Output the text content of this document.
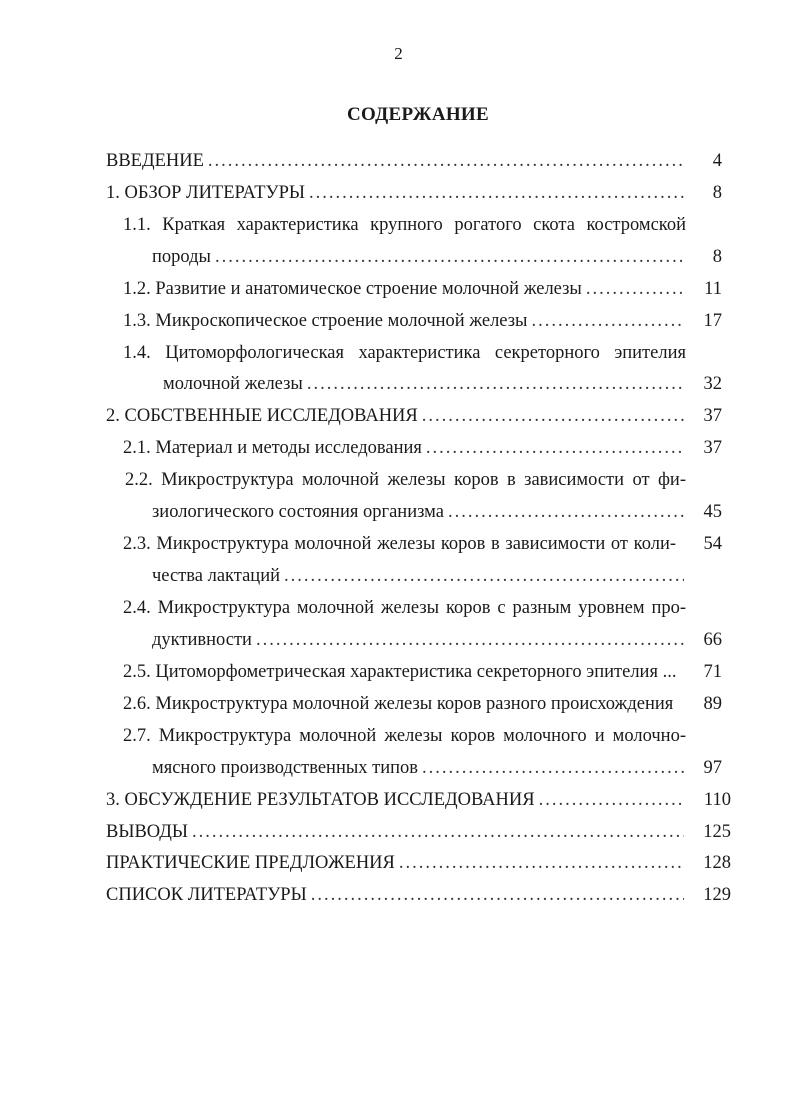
2
СОДЕРЖАНИЕ
ВВЕДЕНИЕ .....	4
1. ОБЗОР ЛИТЕРАТУРЫ .....	8
1.1. Краткая характеристика крупного рогатого скота костромской
породы .....	8
1.2. Развитие и анатомическое строение молочной железы .....	11
1.3. Микроскопическое строение молочной железы .....	17
1.4. Цитоморфологическая характеристика секреторного эпителия
молочной железы .....	32
2. СОБСТВЕННЫЕ ИССЛЕДОВАНИЯ .....	37
2.1. Материал и методы исследования .....	37
2.2. Микроструктура молочной железы коров в зависимости от фи-
зиологического состояния организма .....	45
2.3. Микроструктура молочной железы коров в зависимости от коли-	54
чества лактаций
.....
2.4. Микроструктура молочной железы коров с разным уровнем про-
дуктивности .....	66
2.5. Цитоморфометрическая характеристика секреторного эпителия ...	71
2.6. Микроструктура молочной железы коров разного происхождения	89
2.7. Микроструктура молочной железы коров молочного и молочно-
мясного производственных типов .....	97
3. ОБСУЖДЕНИЕ РЕЗУЛЬТАТОВ ИССЛЕДОВАНИЯ .....	110
ВЫВОДЫ .....	125
ПРАКТИЧЕСКИЕ ПРЕДЛОЖЕНИЯ .....	128
СПИСОК ЛИТЕРАТУРЫ .....	129
